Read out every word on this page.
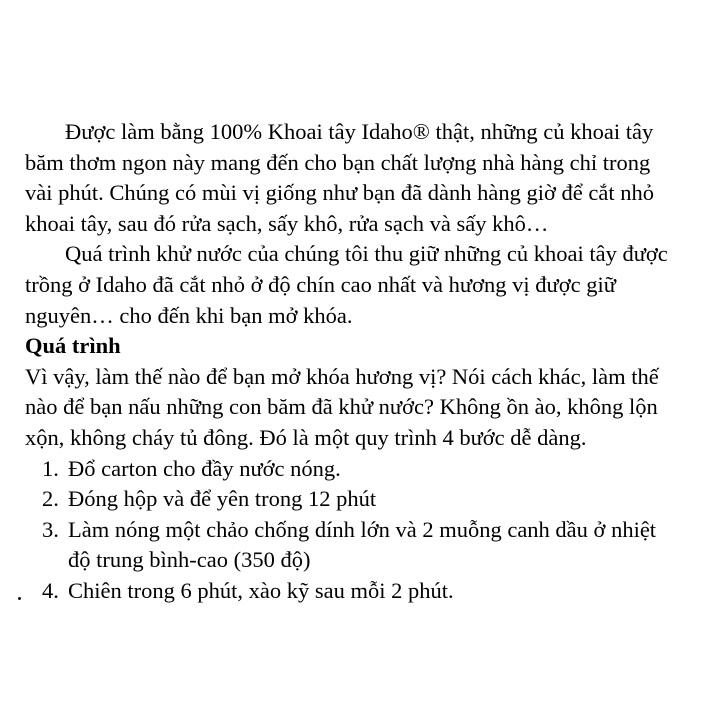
Được làm bằng 100% Khoai tây Idaho® thật, những củ khoai tây
băm thơm ngon này mang đến cho bạn chất lượng nhà hàng chỉ trong
vài phút. Chúng có mùi vị giống như bạn đã dành hàng giờ để cắt nhỏ
khoai tây, sau đó rửa sạch, sấy khô, rửa sạch và sấy khô…
Quá trình khử nước của chúng tôi thu giữ những củ khoai tây được
trồng ở Idaho đã cắt nhỏ ở độ chín cao nhất và hương vị được giữ
nguyên… cho đến khi bạn mở khóa.
Quá trình
Vì vậy, làm thế nào để bạn mở khóa hương vị? Nói cách khác, làm thế
nào để bạn nấu những con băm đã khử nước? Không ồn ào, không lộn
xộn, không cháy tủ đông. Đó là một quy trình 4 bước dễ dàng.
1. Đổ carton cho đầy nước nóng.
2. Đóng hộp và để yên trong 12 phút
3. Làm nóng một chảo chống dính lớn và 2 muỗng canh dầu ở nhiệt
độ trung bình-cao (350 độ)
4. Chiên trong 6 phút, xào kỹ sau mỗi 2 phút.
